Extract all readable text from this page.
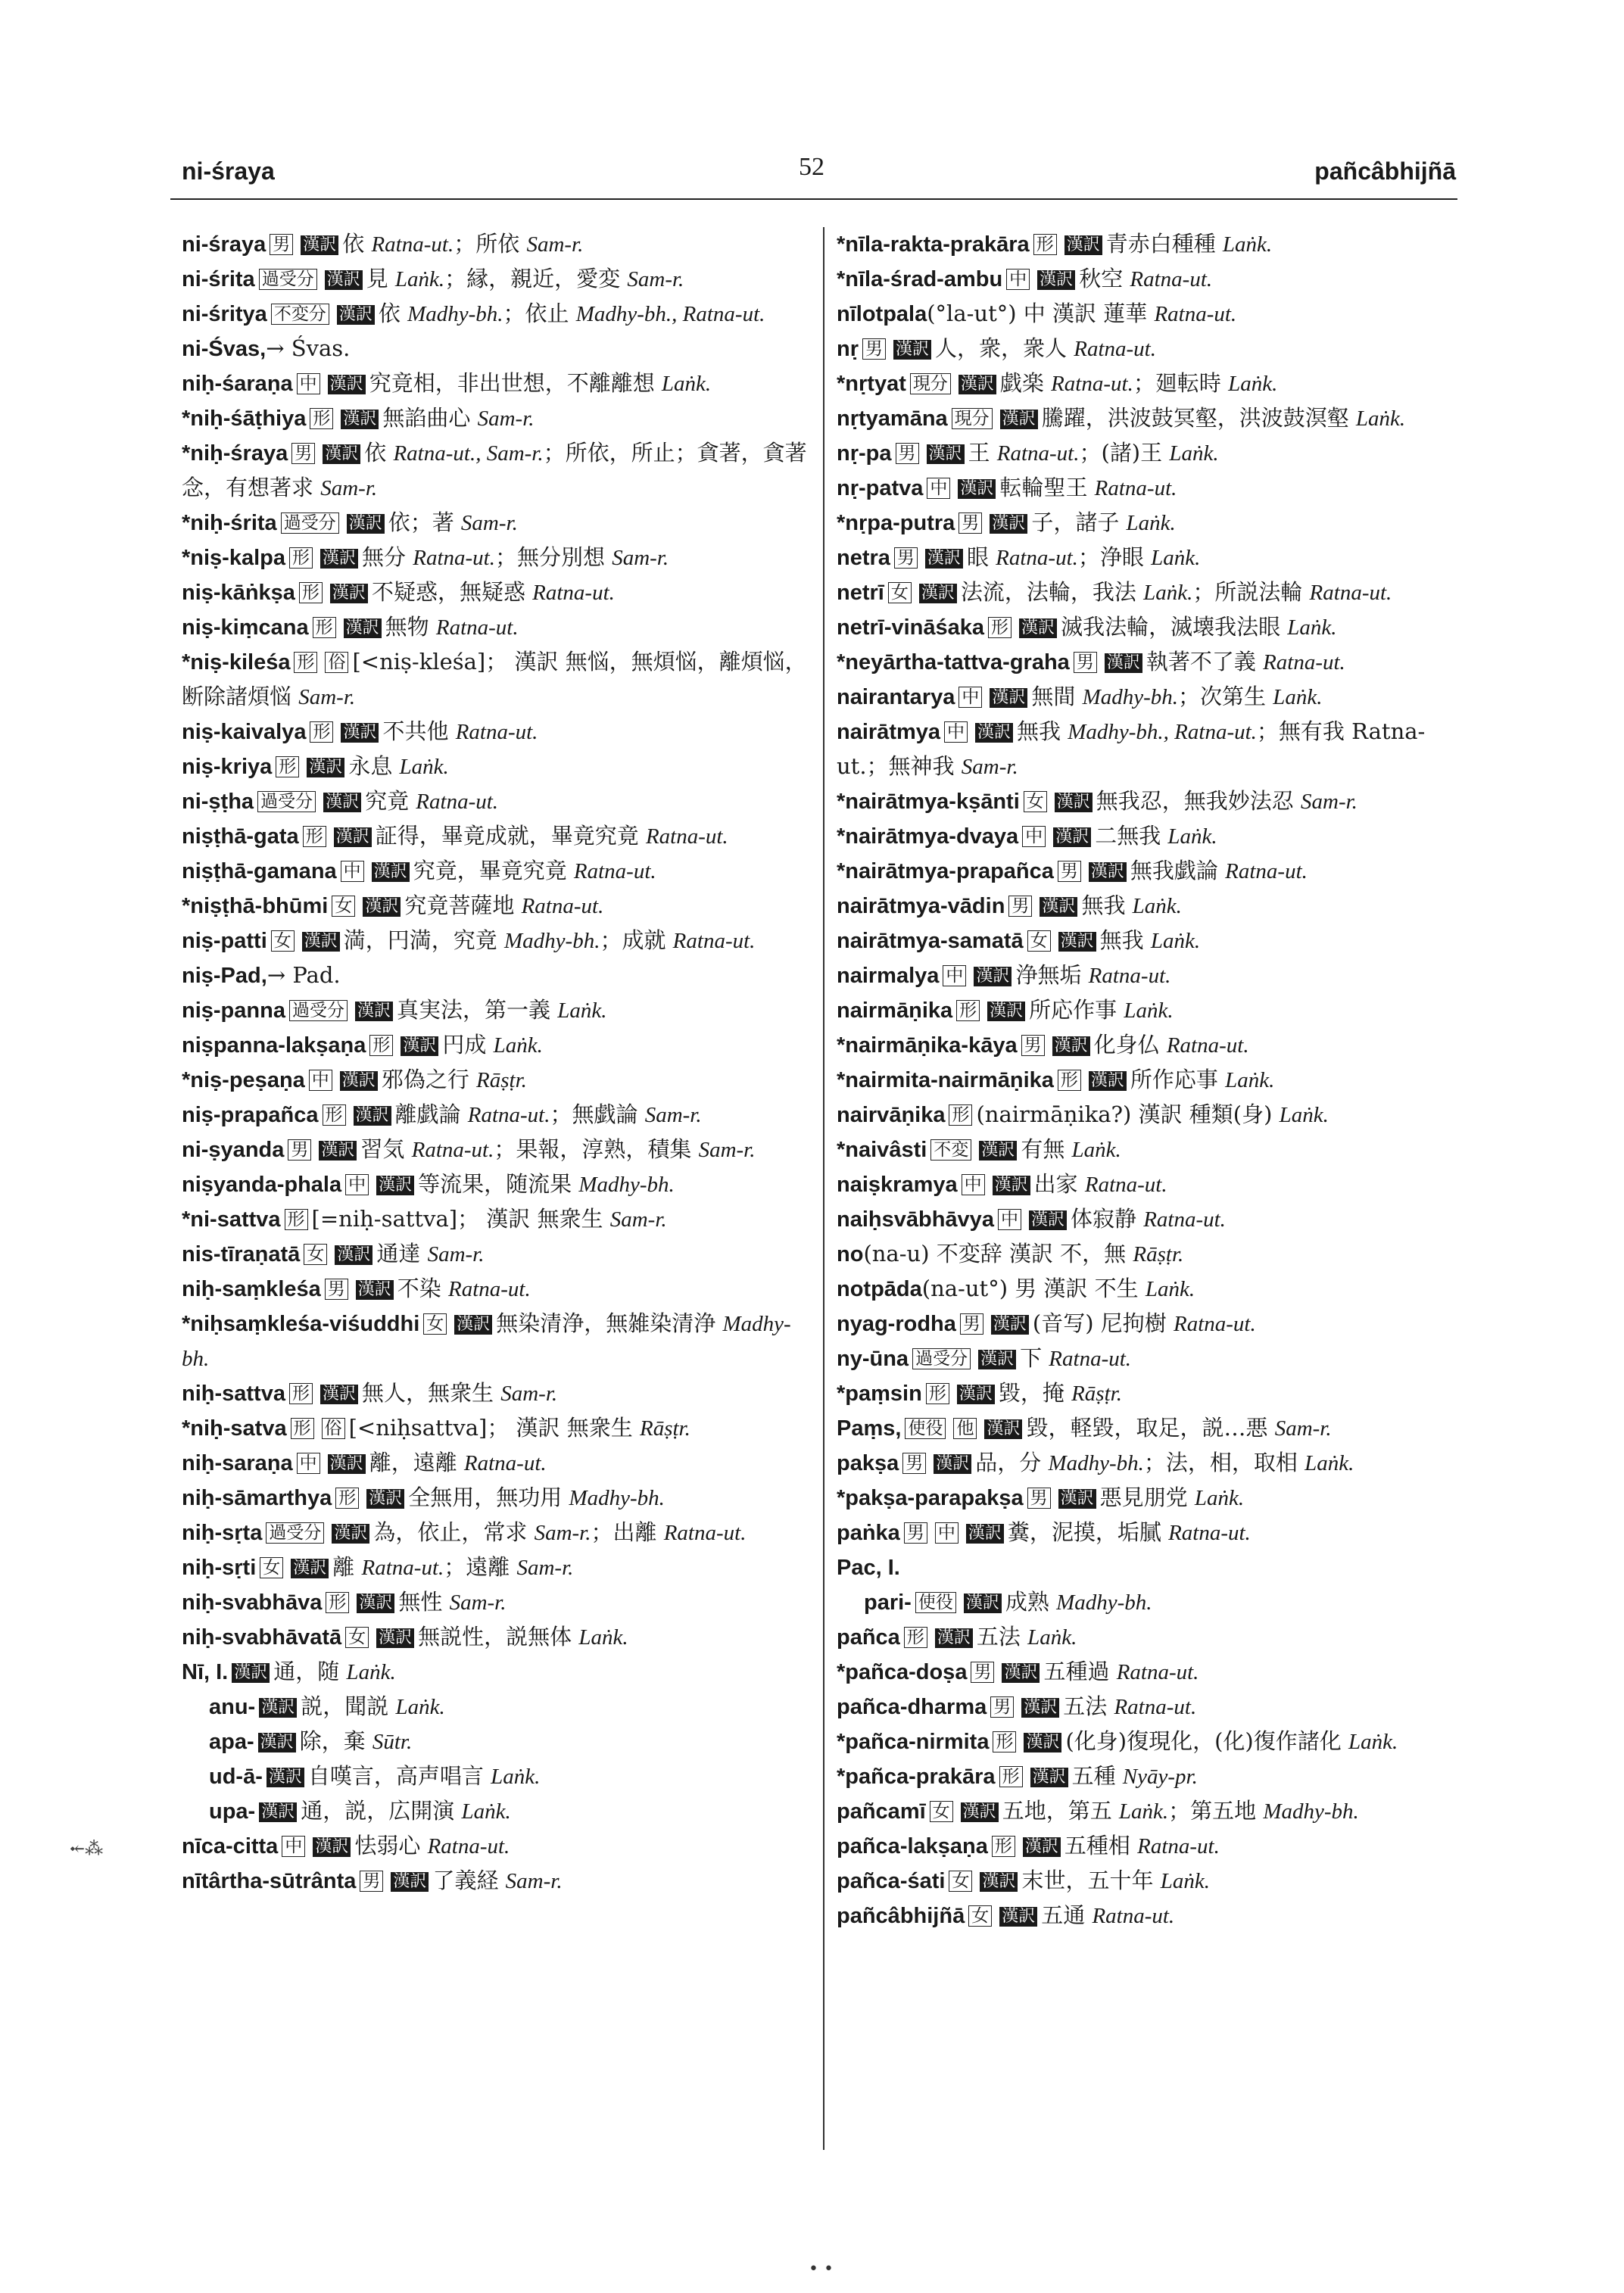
ni-śraya	52	pañcâbhijñā
ni-śraya 男 漢訳 依 Ratna-ut.；所依 Sam-r.
ni-śrita 過受分 漢訳 見 Laṅk.；縁，親近，愛変 Sam-r.
ni-śritya 不変分 漢訳 依 Madhy-bh.；依止 Madhy-bh., Ratna-ut.
ni-Śvas,→ Śvas.
niḥ-śaraṇa 中 漢訳 究竟相，非出世想，不離離想 Laṅk.
*niḥ-śāṭhiya 形 漢訳 無諂曲心 Sam-r.
*niḥ-śraya 男 漢訳 依 Ratna-ut., Sam-r.；所依，所止；貪著，貪著念，有想著求 Sam-r.
*niḥ-śrita 過受分 漢訳 依；著 Sam-r.
*niṣ-kalpa 形 漢訳 無分 Ratna-ut.；無分別想 Sam-r.
niṣ-kāṅkṣa 形 漢訳 不疑惑，無疑惑 Ratna-ut.
niṣ-kiṃcana 形 漢訳 無物 Ratna-ut.
*niṣ-kileśa 形 俗 [<niṣ-kleśa]； 漢訳 無悩，無煩悩，離煩悩，断除諸煩悩 Sam-r.
niṣ-kaivalya 形 漢訳 不共他 Ratna-ut.
niṣ-kriya 形 漢訳 永息 Laṅk.
ni-ṣṭha 過受分 漢訳 究竟 Ratna-ut.
niṣṭhā-gata 形 漢訳 証得，畢竟成就，畢竟究竟 Ratna-ut.
niṣṭhā-gamana 中 漢訳 究竟，畢竟究竟 Ratna-ut.
*niṣṭhā-bhūmi 女 漢訳 究竟菩薩地 Ratna-ut.
niṣ-patti 女 漢訳 満，円満，究竟 Madhy-bh.；成就 Ratna-ut.
niṣ-Pad,→ Pad.
niṣ-panna 過受分 漢訳 真実法，第一義 Laṅk.
niṣpanna-lakṣaṇa 形 漢訳 円成 Laṅk.
*niṣ-peṣaṇa 中 漢訳 邪偽之行 Rāṣṭr.
niṣ-prapañca 形 漢訳 離戯論 Ratna-ut.；無戯論 Sam-r.
ni-ṣyanda 男 漢訳 習気 Ratna-ut.；果報，淳熟，積集 Sam-r.
niṣyanda-phala 中 漢訳 等流果，随流果 Madhy-bh.
*ni-sattva 形 [=niḥ-sattva]； 漢訳 無衆生 Sam-r.
nis-tīraṇatā 女 漢訳 通達 Sam-r.
niḥ-saṃkleśa 男 漢訳 不染 Ratna-ut.
*niḥsaṃkleśa-viśuddhi 女 漢訳 無染清浄，無雑染清浄 Madhy-bh.
niḥ-sattva 形 漢訳 無人，無衆生 Sam-r.
*niḥ-satva 形 俗 [<niḥsattva]； 漢訳 無衆生 Rāṣṭr.
niḥ-saraṇa 中 漢訳 離，遠離 Ratna-ut.
niḥ-sāmarthya 形 漢訳 全無用，無功用 Madhy-bh.
niḥ-sṛta 過受分 漢訳 為，依止，常求 Sam-r.；出離 Ratna-ut.
niḥ-sṛti 女 漢訳 離 Ratna-ut.；遠離 Sam-r.
niḥ-svabhāva 形 漢訳 無性 Sam-r.
niḥ-svabhāvatā 女 漢訳 無説性，説無体 Laṅk.
Nī, I. 漢訳 通，随 Laṅk.
anu- 漢訳 説，聞説 Laṅk.
apa- 漢訳 除，棄 Sūtr.
ud-ā- 漢訳 自嘆言，高声唱言 Laṅk.
upa- 漢訳 通，説，広開演 Laṅk.
nīca-citta 中 漢訳 怯弱心 Ratna-ut.
nītârtha-sūtrânta 男 漢訳 了義経 Sam-r.
*nīla-rakta-prakāra 形 漢訳 青赤白種種 Laṅk.
*nīla-śrad-ambu 中 漢訳 秋空 Ratna-ut.
nīlotpala(°la-ut°) 中 漢訳 蓮華 Ratna-ut.
nṛ 男 漢訳 人，衆，衆人 Ratna-ut.
*nṛtyat 現分 漢訳 戯楽 Ratna-ut.；廻転時 Laṅk.
nṛtyamāna 現分 漢訳 騰躍，洪波鼓冥壑，洪波鼓溟壑 Laṅk.
nṛ-pa 男 漢訳 王 Ratna-ut.；(諸)王 Laṅk.
nṛ-patva 中 漢訳 転輪聖王 Ratna-ut.
*nṛpa-putra 男 漢訳 子，諸子 Laṅk.
netra 男 漢訳 眼 Ratna-ut.；浄眼 Laṅk.
netrī 女 漢訳 法流，法輪，我法 Laṅk.；所説法輪 Ratna-ut.
netrī-vināśaka 形 漢訳 滅我法輪，滅壊我法眼 Laṅk.
*neyārtha-tattva-graha 男 漢訳 執著不了義 Ratna-ut.
nairantarya 中 漢訳 無間 Madhy-bh.；次第生 Laṅk.
nairātmya 中 漢訳 無我 Madhy-bh., Ratna-ut.；無有我 Ratna-ut.；無神我 Sam-r.
*nairātmya-kṣānti 女 漢訳 無我忍，無我妙法忍 Sam-r.
*nairātmya-dvaya 中 漢訳 二無我 Laṅk.
*nairātmya-prapañca 男 漢訳 無我戯論 Ratna-ut.
nairātmya-vādin 男 漢訳 無我 Laṅk.
nairātmya-samatā 女 漢訳 無我 Laṅk.
nairmalya 中 漢訳 浄無垢 Ratna-ut.
nairmāṇika 形 漢訳 所応作事 Laṅk.
*nairmāṇika-kāya 男 漢訳 化身仏 Ratna-ut.
*nairmita-nairmāṇika 形 漢訳 所作応事 Laṅk.
nairvāṇika 形 (nairmāṇika?) 漢訳 種類(身) Laṅk.
*naivâsti 不変 漢訳 有無 Laṅk.
naiṣkramya 中 漢訳 出家 Ratna-ut.
naiḥsvābhāvya 中 漢訳 体寂静 Ratna-ut.
no(na-u) 不変辞 漢訳 不，無 Rāṣṭr.
notpāda(na-ut°) 男 漢訳 不生 Laṅk.
nyag-rodha 男 漢訳 (音写) 尼拘樹 Ratna-ut.
ny-ūna 過受分 漢訳 下 Ratna-ut.
*paṃsin 形 漢訳 毀，掩 Rāṣṭr.
Paṃs, 使役 他 漢訳 毀，軽毀，取足，説…悪 Sam-r.
pakṣa 男 漢訳 品，分 Madhy-bh.；法，相，取相 Laṅk.
*pakṣa-parapakṣa 男 漢訳 悪見朋党 Laṅk.
paṅka 男 中 漢訳 糞，泥摸，垢膩 Ratna-ut.
Pac, I.
pari- 使役 漢訳 成熟 Madhy-bh.
pañca 形 漢訳 五法 Laṅk.
*pañca-doṣa 男 漢訳 五種過 Ratna-ut.
pañca-dharma 男 漢訳 五法 Ratna-ut.
*pañca-nirmita 形 漢訳 (化身)復現化，(化)復作諸化 Laṅk.
*pañca-prakāra 形 漢訳 五種 Nyāy-pr.
pañcamī 女 漢訳 五地，第五 Laṅk.；第五地 Madhy-bh.
pañca-lakṣaṇa 形 漢訳 五種相 Ratna-ut.
pañca-śati 女 漢訳 末世，五十年 Laṅk.
pañcâbhijñā 女 漢訳 五通 Ratna-ut.
⤝⁂
• •
